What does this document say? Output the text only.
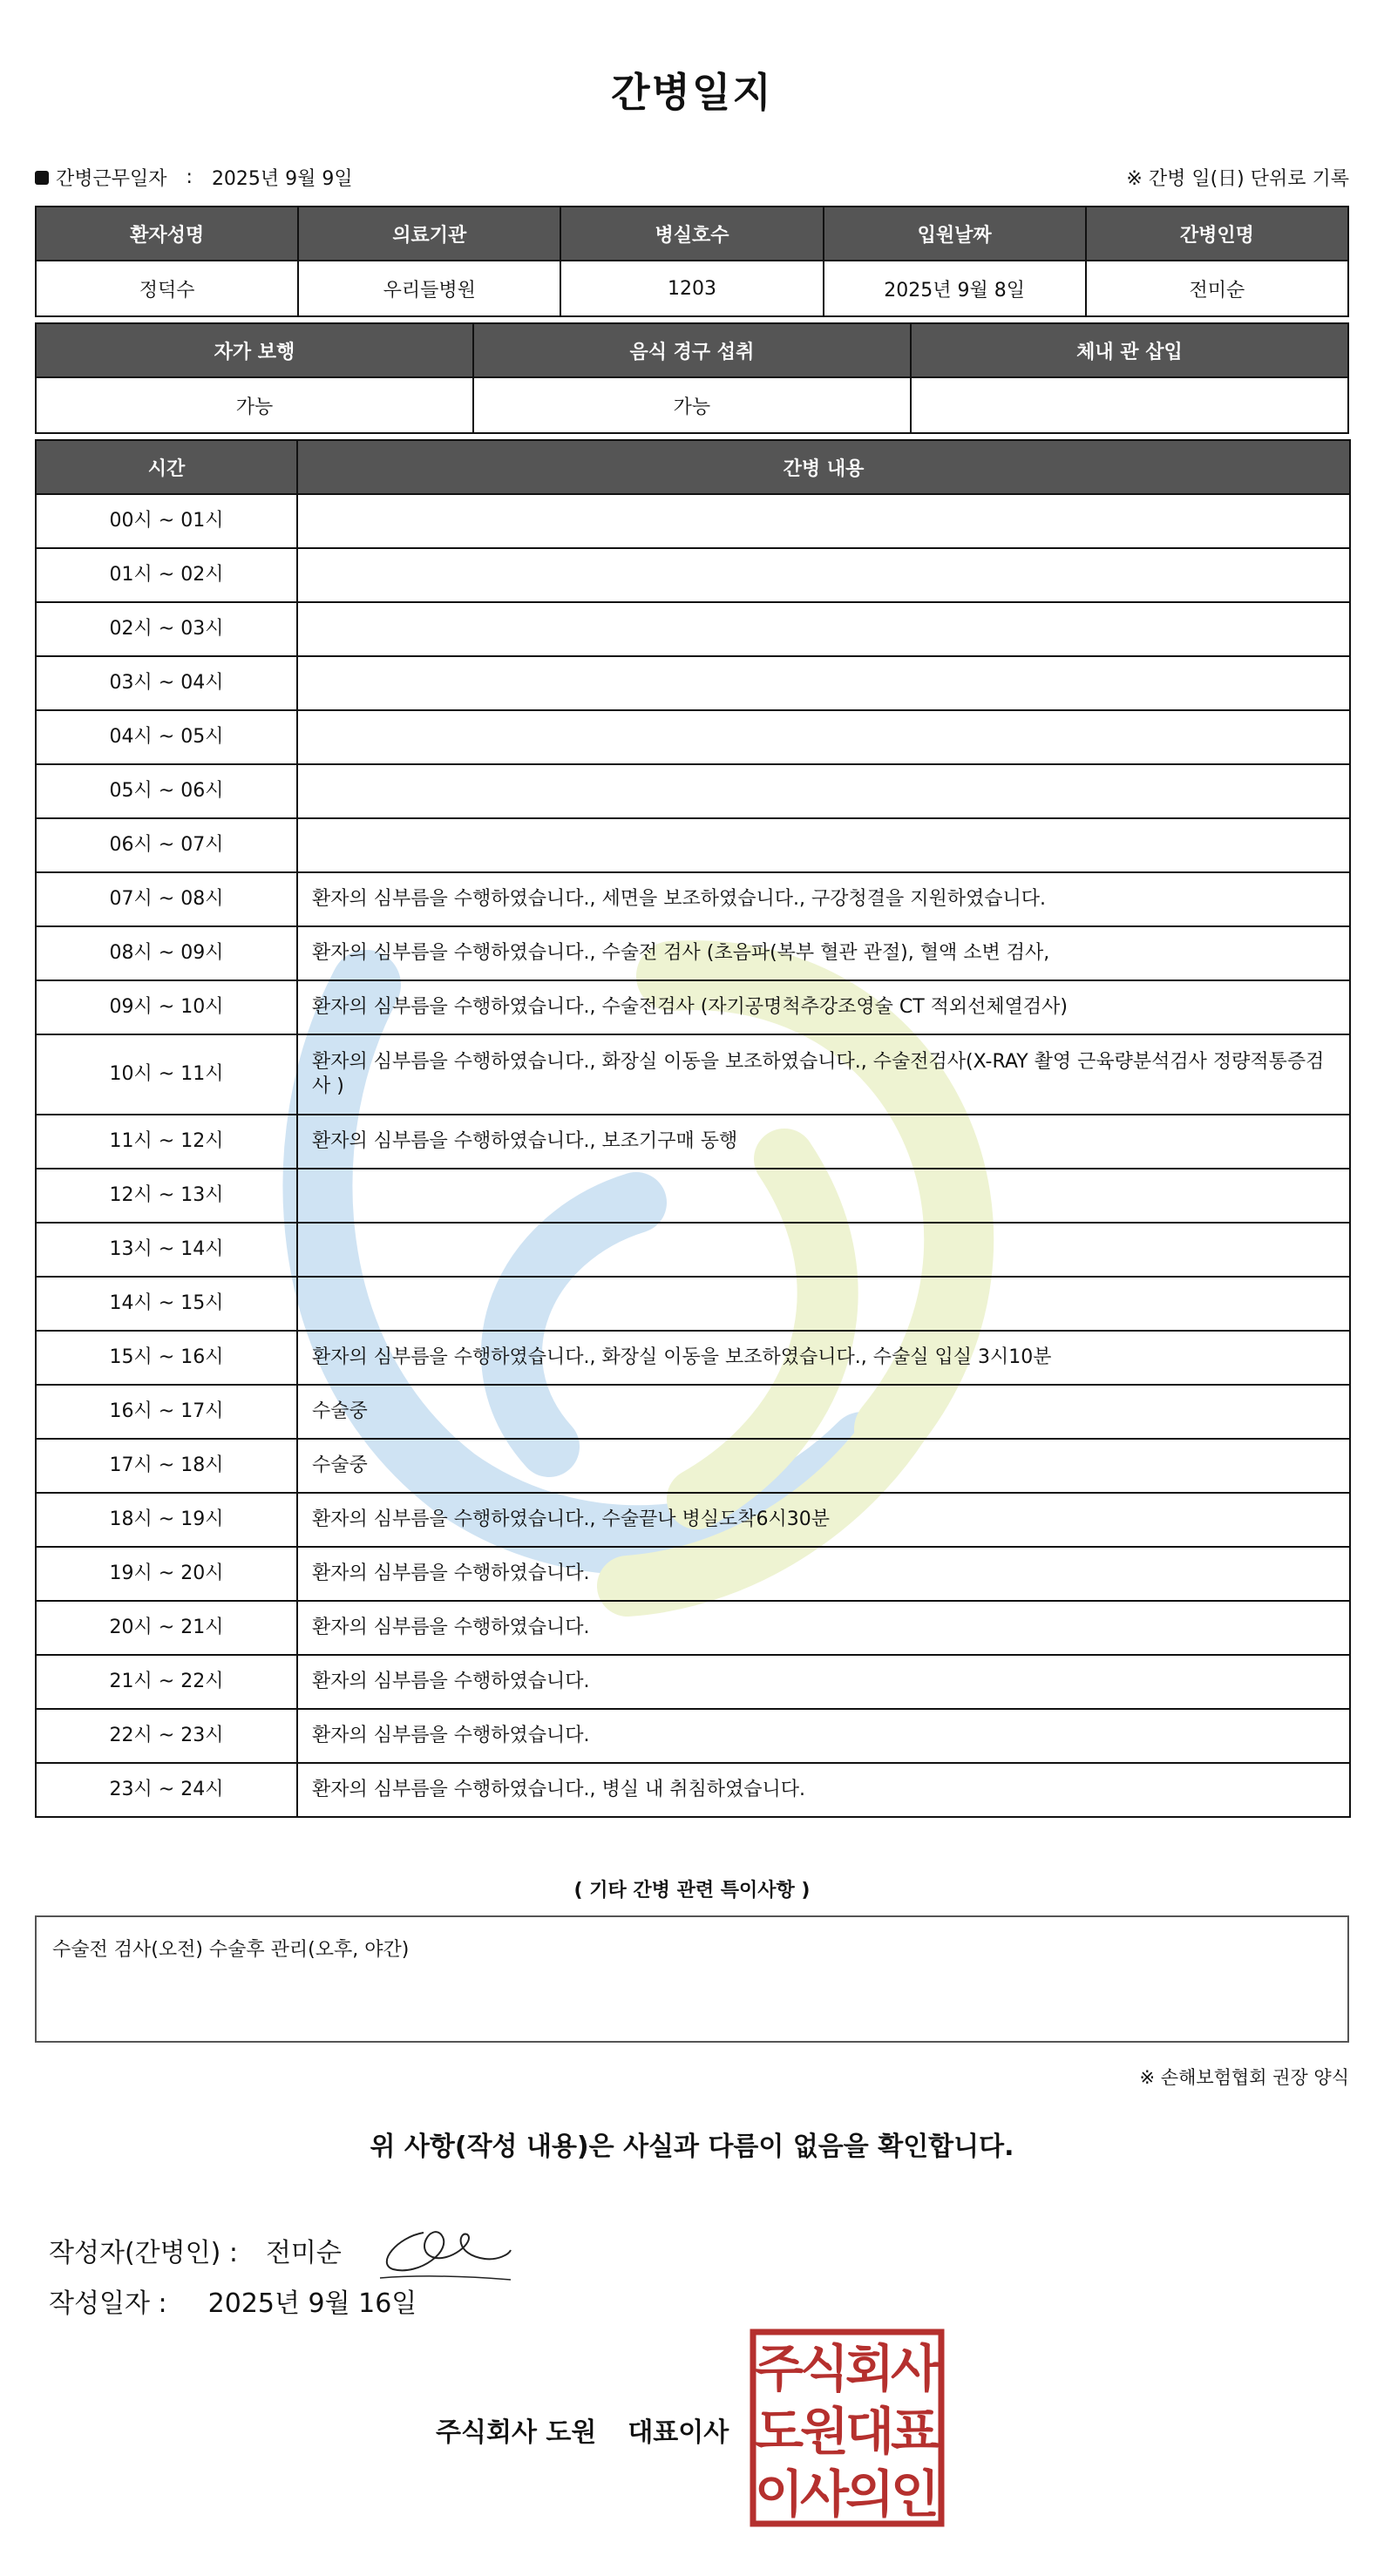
간병일지
간병근무일자 : 2025년 9월 9일	※ 간병 일(日) 단위로 기록
환자성명	의료기관	병실호수	입원날짜	간병인명
정덕수	우리들병원	1203	2025년 9월 8일	전미순
자가 보행	음식 경구 섭취	체내 관 삽입
가능	가능	
시간	간병 내용
00시 ~ 01시	
01시 ~ 02시	
02시 ~ 03시	
03시 ~ 04시	
04시 ~ 05시	
05시 ~ 06시	
06시 ~ 07시	
07시 ~ 08시	환자의 심부름을 수행하였습니다., 세면을 보조하였습니다., 구강청결을 지원하였습니다.
08시 ~ 09시	환자의 심부름을 수행하였습니다., 수술전 검사 (초음파(복부 혈관 관절), 혈액 소변 검사,
09시 ~ 10시	환자의 심부름을 수행하였습니다., 수술전검사 (자기공명척추강조영술 CT 적외선체열검사)
10시 ~ 11시	환자의 심부름을 수행하였습니다., 화장실 이동을 보조하였습니다., 수술전검사(X-RAY 촬영 근육량분석검사 정량적통증검사 )
11시 ~ 12시	환자의 심부름을 수행하였습니다., 보조기구매 동행
12시 ~ 13시	
13시 ~ 14시	
14시 ~ 15시	
15시 ~ 16시	환자의 심부름을 수행하였습니다., 화장실 이동을 보조하였습니다., 수술실 입실 3시10분
16시 ~ 17시	수술중
17시 ~ 18시	수술중
18시 ~ 19시	환자의 심부름을 수행하였습니다., 수술끝나 병실도착6시30분
19시 ~ 20시	환자의 심부름을 수행하였습니다.
20시 ~ 21시	환자의 심부름을 수행하였습니다.
21시 ~ 22시	환자의 심부름을 수행하였습니다.
22시 ~ 23시	환자의 심부름을 수행하였습니다.
23시 ~ 24시	환자의 심부름을 수행하였습니다., 병실 내 취침하였습니다.
( 기타 간병 관련 특이사항 )
수술전 검사(오전) 수술후 관리(오후, 야간)
※ 손해보험협회 권장 양식
위 사항(작성 내용)은 사실과 다름이 없음을 확인합니다.
작성자(간병인) : 전미순
작성일자 : 2025년 9월 16일
주식회사 도원 대표이사
주
식
회
사
도
원
대
표
이
사
의
인
